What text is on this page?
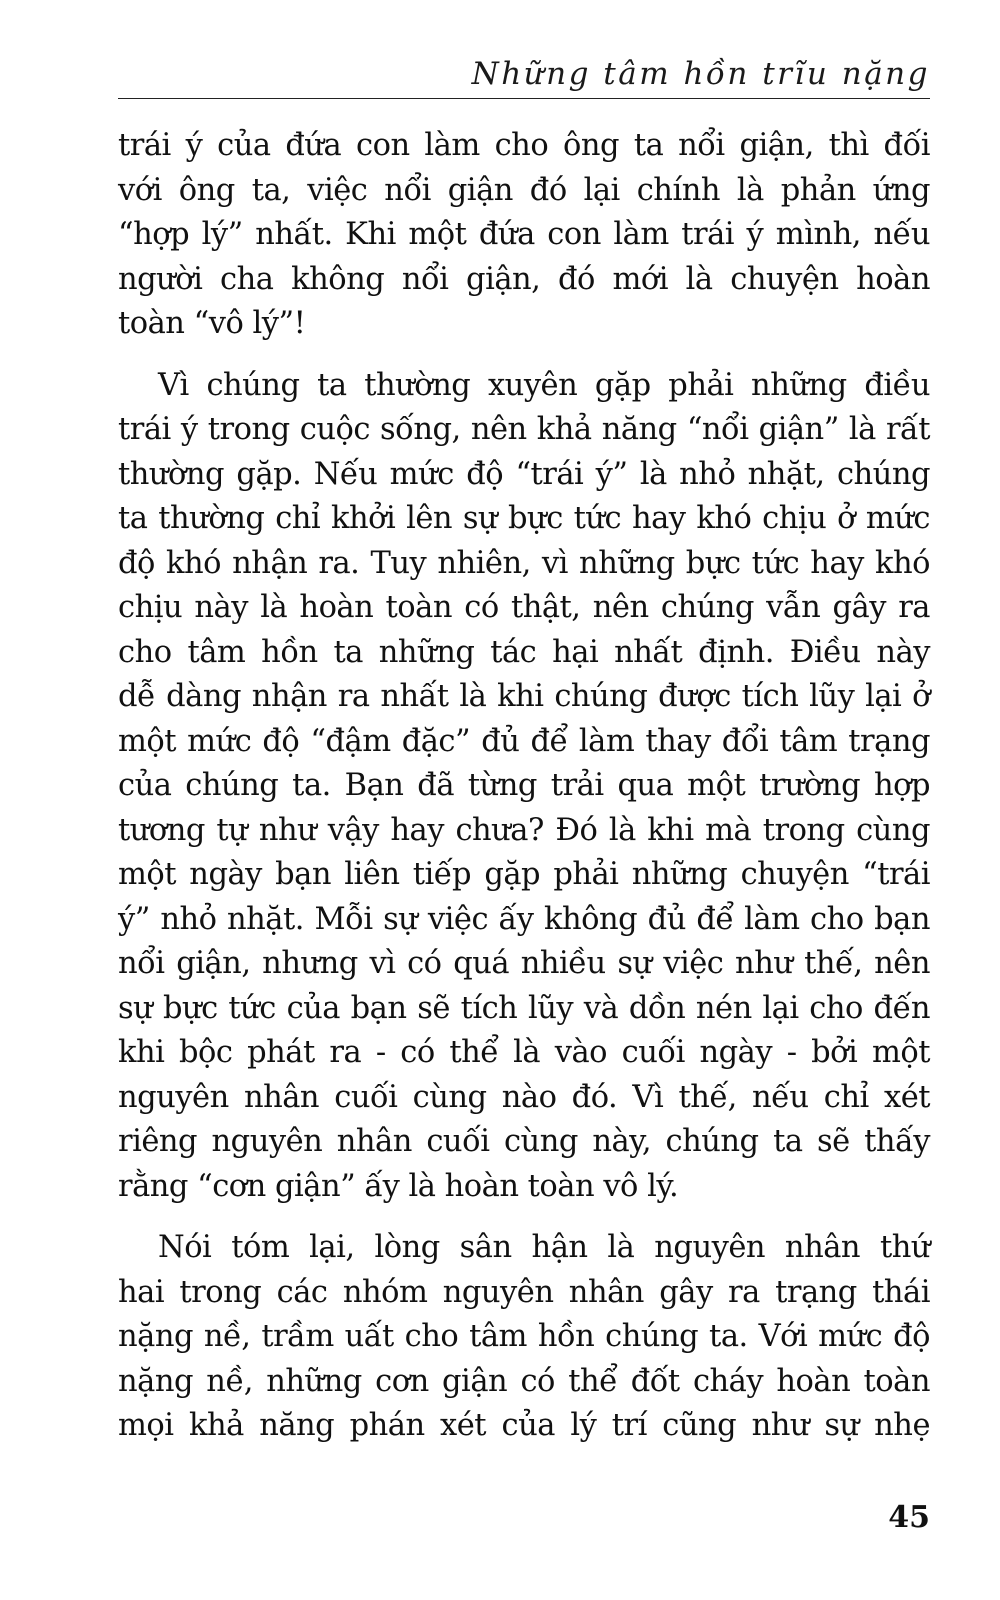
Những tâm hồn trĩu nặng

trái ý của đứa con làm cho ông ta nổi giận, thì đối
với ông ta, việc nổi giận đó lại chính là phản ứng
“hợp lý” nhất. Khi một đứa con làm trái ý mình, nếu
người cha không nổi giận, đó mới là chuyện hoàn
toàn “vô lý”!

Vì chúng ta thường xuyên gặp phải những điều
trái ý trong cuộc sống, nên khả năng “nổi giận” là rất
thường gặp. Nếu mức độ “trái ý” là nhỏ nhặt, chúng
ta thường chỉ khởi lên sự bực tức hay khó chịu ở mức
độ khó nhận ra. Tuy nhiên, vì những bực tức hay khó
chịu này là hoàn toàn có thật, nên chúng vẫn gây ra
cho tâm hồn ta những tác hại nhất định. Điều này
dễ dàng nhận ra nhất là khi chúng được tích lũy lại ở
một mức độ “đậm đặc” đủ để làm thay đổi tâm trạng
của chúng ta. Bạn đã từng trải qua một trường hợp
tương tự như vậy hay chưa? Đó là khi mà trong cùng
một ngày bạn liên tiếp gặp phải những chuyện “trái
ý” nhỏ nhặt. Mỗi sự việc ấy không đủ để làm cho bạn
nổi giận, nhưng vì có quá nhiều sự việc như thế, nên
sự bực tức của bạn sẽ tích lũy và dồn nén lại cho đến
khi bộc phát ra - có thể là vào cuối ngày - bởi một
nguyên nhân cuối cùng nào đó. Vì thế, nếu chỉ xét
riêng nguyên nhân cuối cùng này, chúng ta sẽ thấy
rằng “cơn giận” ấy là hoàn toàn vô lý.

Nói tóm lại, lòng sân hận là nguyên nhân thứ
hai trong các nhóm nguyên nhân gây ra trạng thái
nặng nề, trầm uất cho tâm hồn chúng ta. Với mức độ
nặng nề, những cơn giận có thể đốt cháy hoàn toàn
mọi khả năng phán xét của lý trí cũng như sự nhẹ

45
